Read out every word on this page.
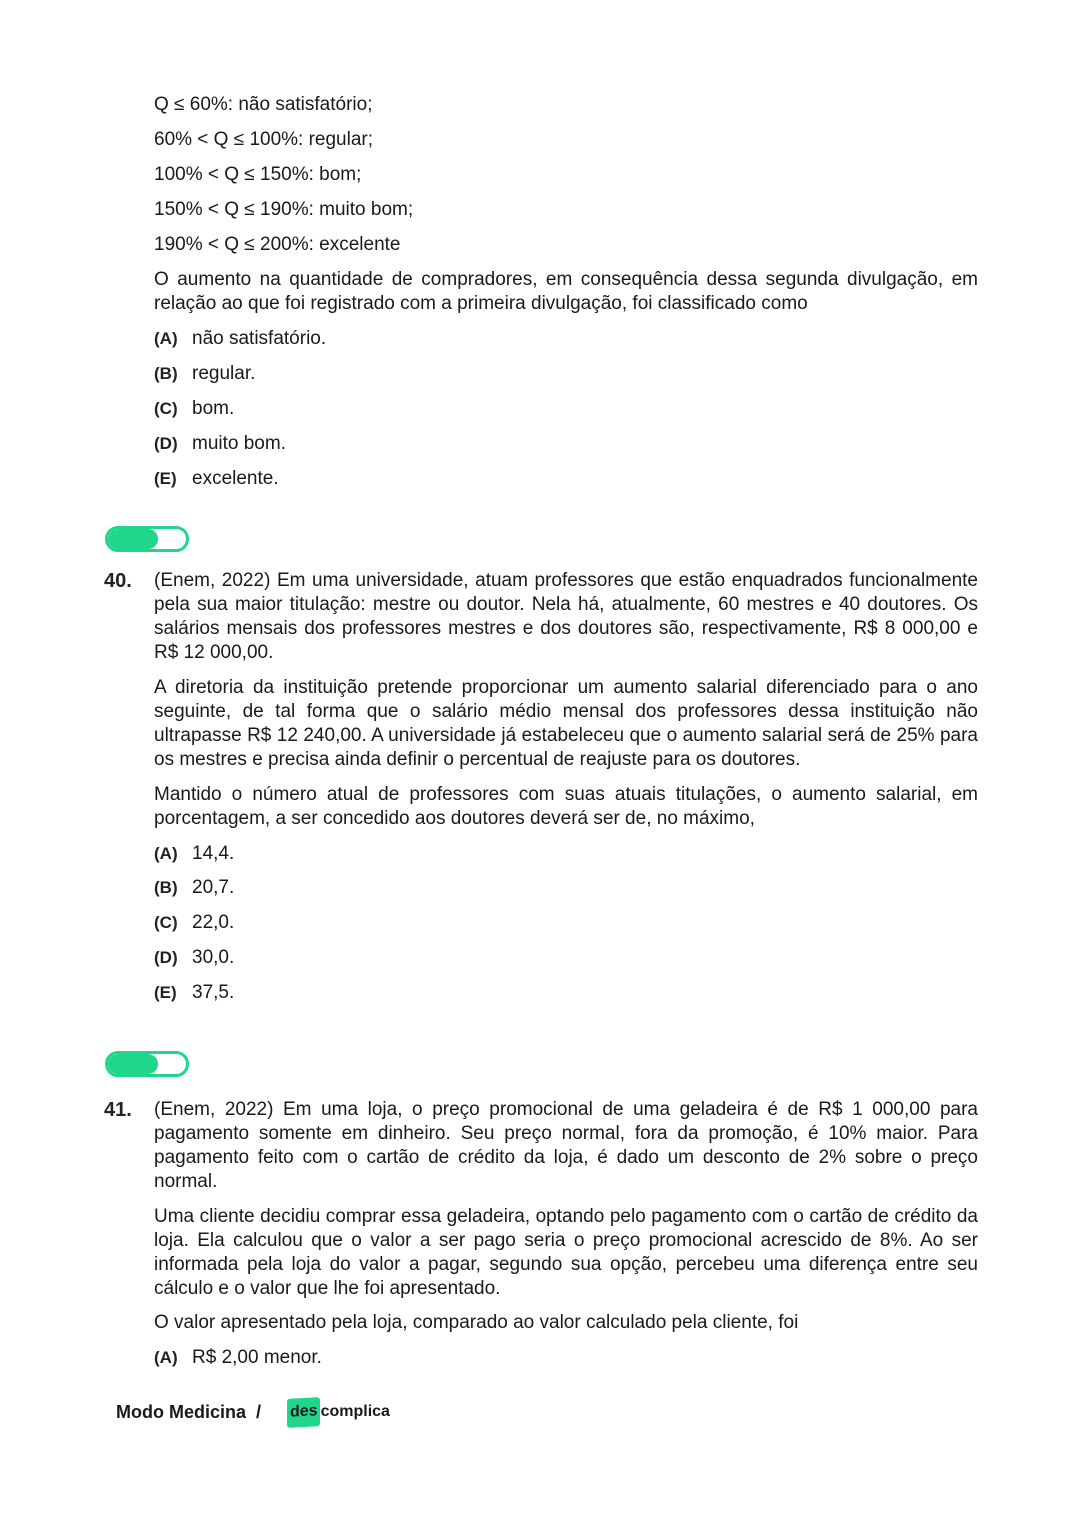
Q ≤ 60%: não satisfatório;
60% < Q ≤ 100%: regular;
100% < Q ≤ 150%: bom;
150% < Q ≤ 190%: muito bom;
190% < Q ≤ 200%: excelente
O aumento na quantidade de compradores, em consequência dessa segunda divulgação, em relação ao que foi registrado com a primeira divulgação, foi classificado como
(A) não satisfatório.
(B) regular.
(C) bom.
(D) muito bom.
(E) excelente.
40. (Enem, 2022) Em uma universidade, atuam professores que estão enquadrados funcionalmente pela sua maior titulação: mestre ou doutor. Nela há, atualmente, 60 mestres e 40 doutores. Os salários mensais dos professores mestres e dos doutores são, respectivamente, R$ 8 000,00 e R$ 12 000,00.
A diretoria da instituição pretende proporcionar um aumento salarial diferenciado para o ano seguinte, de tal forma que o salário médio mensal dos professores dessa instituição não ultrapasse R$ 12 240,00. A universidade já estabeleceu que o aumento salarial será de 25% para os mestres e precisa ainda definir o percentual de reajuste para os doutores.
Mantido o número atual de professores com suas atuais titulações, o aumento salarial, em porcentagem, a ser concedido aos doutores deverá ser de, no máximo,
(A) 14,4.
(B) 20,7.
(C) 22,0.
(D) 30,0.
(E) 37,5.
41. (Enem, 2022) Em uma loja, o preço promocional de uma geladeira é de R$ 1 000,00 para pagamento somente em dinheiro. Seu preço normal, fora da promoção, é 10% maior. Para pagamento feito com o cartão de crédito da loja, é dado um desconto de 2% sobre o preço normal.
Uma cliente decidiu comprar essa geladeira, optando pelo pagamento com o cartão de crédito da loja. Ela calculou que o valor a ser pago seria o preço promocional acrescido de 8%. Ao ser informada pela loja do valor a pagar, segundo sua opção, percebeu uma diferença entre seu cálculo e o valor que lhe foi apresentado.
O valor apresentado pela loja, comparado ao valor calculado pela cliente, foi
(A) R$ 2,00 menor.
Modo Medicina / des complica
